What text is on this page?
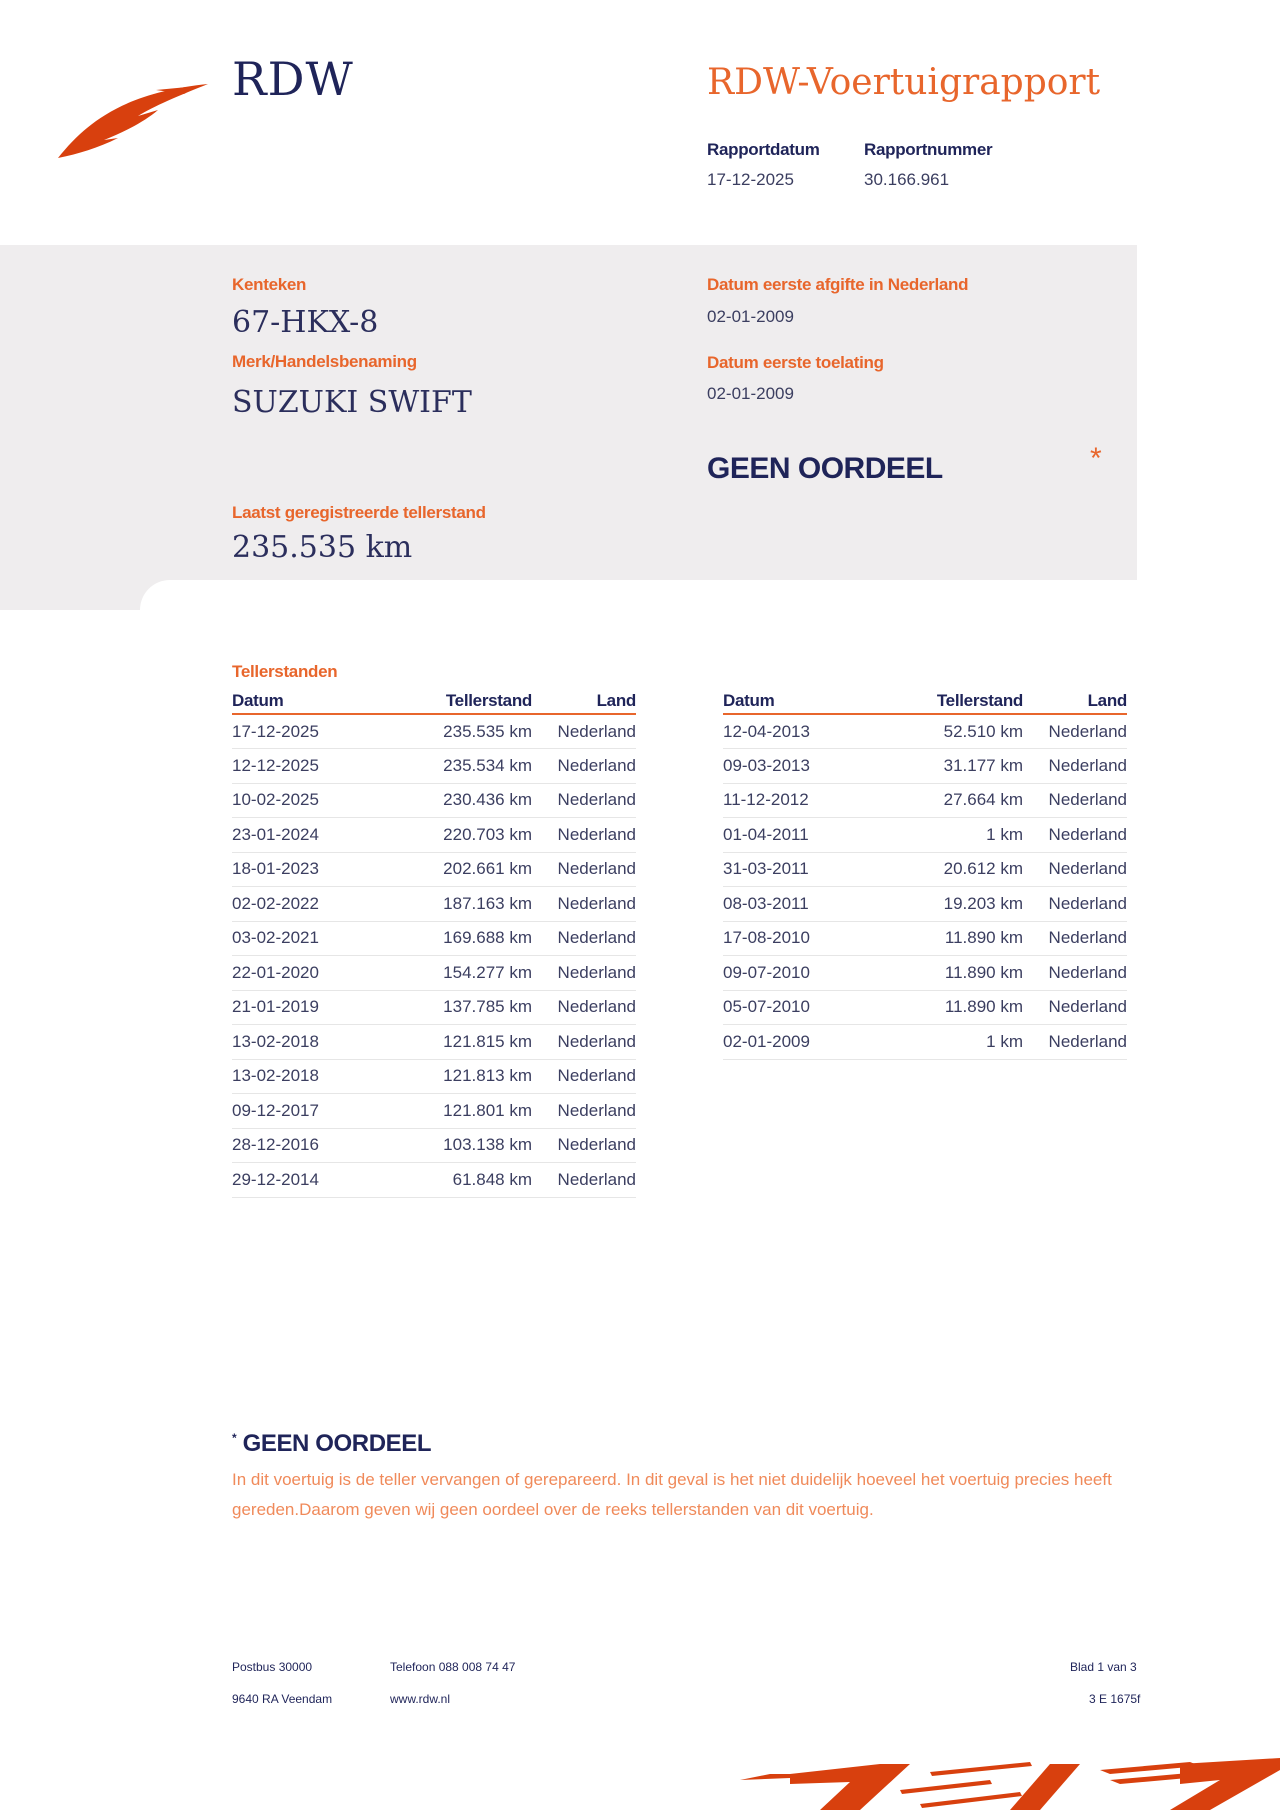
RDW	RDW-Voertuigrapport
Rapportdatum
17-12-2025
Rapportnummer
30.166.961
Kenteken
67-HKX-8
Merk/Handelsbenaming
SUZUKI SWIFT
Laatst geregistreerde tellerstand
235.535 km
Datum eerste afgifte in Nederland
02-01-2009
Datum eerste toelating
02-01-2009
GEEN OORDEEL	*
Tellerstanden
Datum	Tellerstand	Land
17-12-2025	235.535 km	Nederland
12-12-2025	235.534 km	Nederland
10-02-2025	230.436 km	Nederland
23-01-2024	220.703 km	Nederland
18-01-2023	202.661 km	Nederland
02-02-2022	187.163 km	Nederland
03-02-2021	169.688 km	Nederland
22-01-2020	154.277 km	Nederland
21-01-2019	137.785 km	Nederland
13-02-2018	121.815 km	Nederland
13-02-2018	121.813 km	Nederland
09-12-2017	121.801 km	Nederland
28-12-2016	103.138 km	Nederland
29-12-2014	61.848 km	Nederland
Datum	Tellerstand	Land
12-04-2013	52.510 km	Nederland
09-03-2013	31.177 km	Nederland
11-12-2012	27.664 km	Nederland
01-04-2011	1 km	Nederland
31-03-2011	20.612 km	Nederland
08-03-2011	19.203 km	Nederland
17-08-2010	11.890 km	Nederland
09-07-2010	11.890 km	Nederland
05-07-2010	11.890 km	Nederland
02-01-2009	1 km	Nederland
* GEEN OORDEEL
In dit voertuig is de teller vervangen of gerepareerd. In dit geval is het niet duidelijk hoeveel het voertuig precies heeft gereden.Daarom geven wij geen oordeel over de reeks tellerstanden van dit voertuig.
Postbus 30000
9640 RA Veendam
Telefoon 088 008 74 47
www.rdw.nl
Blad 1 van 3
3 E 1675f
